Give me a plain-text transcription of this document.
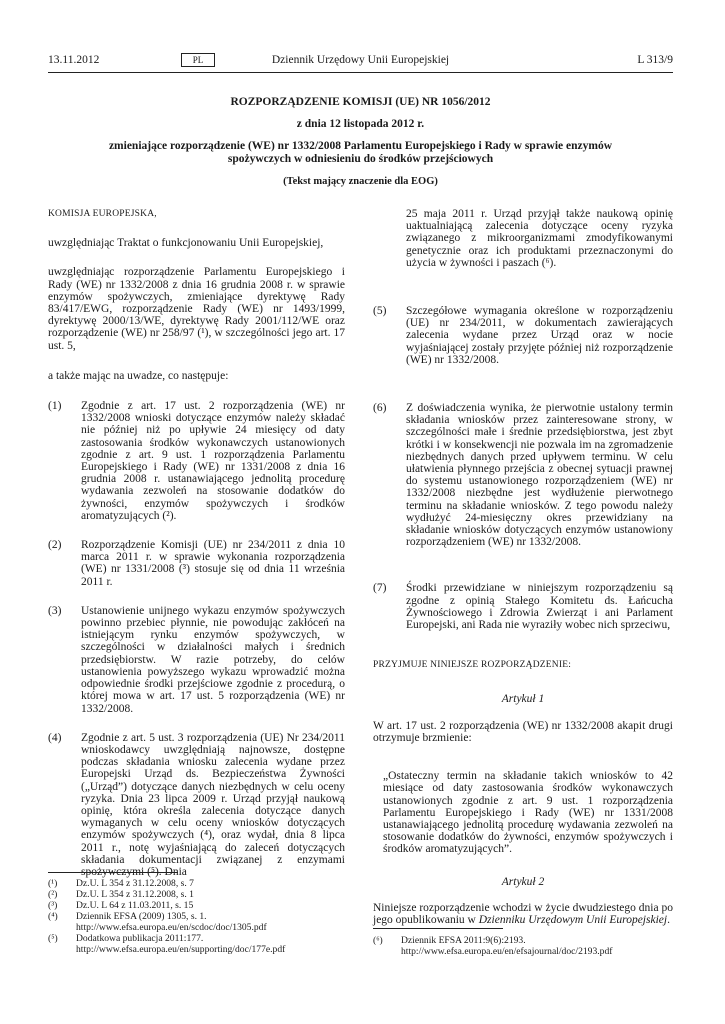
13.11.2012	PL	Dziennik Urzędowy Unii Europejskiej	L 313/9
ROZPORZĄDZENIE KOMISJI (UE) NR 1056/2012
z dnia 12 listopada 2012 r.
zmieniające rozporządzenie (WE) nr 1332/2008 Parlamentu Europejskiego i Rady w sprawie enzymów spożywczych w odniesieniu do środków przejściowych
(Tekst mający znaczenie dla EOG)

KOMISJA EUROPEJSKA,

uwzględniając Traktat o funkcjonowaniu Unii Europejskiej,

uwzględniając rozporządzenie Parlamentu Europejskiego i Rady (WE) nr 1332/2008 z dnia 16 grudnia 2008 r. w sprawie enzymów spożywczych, zmieniające dyrektywę Rady 83/417/EWG, rozporządzenie Rady (WE) nr 1493/1999, dyrektywę 2000/13/WE, dyrektywę Rady 2001/112/WE oraz rozporządzenie (WE) nr 258/97 (¹), w szczególności jego art. 17 ust. 5,

a także mając na uwadze, co następuje:

(1)	Zgodnie z art. 17 ust. 2 rozporządzenia (WE) nr 1332/2008 wnioski dotyczące enzymów należy składać nie później niż po upływie 24 miesięcy od daty zastosowania środków wykonawczych ustanowionych zgodnie z art. 9 ust. 1 rozporządzenia Parlamentu Europejskiego i Rady (WE) nr 1331/2008 z dnia 16 grudnia 2008 r. ustanawiającego jednolitą procedurę wydawania zezwoleń na stosowanie dodatków do żywności, enzymów spożywczych i środków aromatyzujących (²).
(2)	Rozporządzenie Komisji (UE) nr 234/2011 z dnia 10 marca 2011 r. w sprawie wykonania rozporządzenia (WE) nr 1331/2008 (³) stosuje się od dnia 11 września 2011 r.
(3)	Ustanowienie unijnego wykazu enzymów spożywczych powinno przebiec płynnie, nie powodując zakłóceń na istniejącym rynku enzymów spożywczych, w szczególności w działalności małych i średnich przedsiębiorstw. W razie potrzeby, do celów ustanowienia powyższego wykazu wprowadzić można odpowiednie środki przejściowe zgodnie z procedurą, o której mowa w art. 17 ust. 5 rozporządzenia (WE) nr 1332/2008.
(4)	Zgodnie z art. 5 ust. 3 rozporządzenia (UE) Nr 234/2011 wnioskodawcy uwzględniają najnowsze, dostępne podczas składania wniosku zalecenia wydane przez Europejski Urząd ds. Bezpieczeństwa Żywności („Urząd”) dotyczące danych niezbędnych w celu oceny ryzyka. Dnia 23 lipca 2009 r. Urząd przyjął naukową opinię, która określa zalecenia dotyczące danych wymaganych w celu oceny wniosków dotyczących enzymów spożywczych (⁴), oraz wydał, dnia 8 lipca 2011 r., notę wyjaśniającą do zaleceń dotyczących składania dokumentacji związanej z enzymami spożywczymi (⁵). Dnia
(¹)	Dz.U. L 354 z 31.12.2008, s. 7
(²)	Dz.U. L 354 z 31.12.2008, s. 1
(³)	Dz.U. L 64 z 11.03.2011, s. 15
(⁴)	Dziennik EFSA (2009) 1305, s. 1. http://www.efsa.europa.eu/en/scdoc/doc/1305.pdf
(⁵)	Dodatkowa publikacja 2011:177. http://www.efsa.europa.eu/en/supporting/doc/177e.pdf

25 maja 2011 r. Urząd przyjął także naukową opinię uaktualniającą zalecenia dotyczące oceny ryzyka związanego z mikroorganizmami zmodyfikowanymi genetycznie oraz ich produktami przeznaczonymi do użycia w żywności i paszach (⁶).

(5)	Szczegółowe wymagania określone w rozporządzeniu (UE) nr 234/2011, w dokumentach zawierających zalecenia wydane przez Urząd oraz w nocie wyjaśniającej zostały przyjęte później niż rozporządzenie (WE) nr 1332/2008.
(6)	Z doświadczenia wynika, że pierwotnie ustalony termin składania wniosków przez zainteresowane strony, w szczególności małe i średnie przedsiębiorstwa, jest zbyt krótki i w konsekwencji nie pozwala im na zgromadzenie niezbędnych danych przed upływem terminu. W celu ułatwienia płynnego przejścia z obecnej sytuacji prawnej do systemu ustanowionego rozporządzeniem (WE) nr 1332/2008 niezbędne jest wydłużenie pierwotnego terminu na składanie wniosków. Z tego powodu należy wydłużyć 24-miesięczny okres przewidziany na składanie wniosków dotyczących enzymów ustanowiony rozporządzeniem (WE) nr 1332/2008.
(7)	Środki przewidziane w niniejszym rozporządzeniu są zgodne z opinią Stałego Komitetu ds. Łańcucha Żywnościowego i Zdrowia Zwierząt i ani Parlament Europejski, ani Rada nie wyraziły wobec nich sprzeciwu,

PRZYJMUJE NINIEJSZE ROZPORZĄDZENIE:

Artykuł 1

W art. 17 ust. 2 rozporządzenia (WE) nr 1332/2008 akapit drugi otrzymuje brzmienie:

„Ostateczny termin na składanie takich wniosków to 42 miesiące od daty zastosowania środków wykonawczych ustanowionych zgodnie z art. 9 ust. 1 rozporządzenia Parlamentu Europejskiego i Rady (WE) nr 1331/2008 ustanawiającego jednolitą procedurę wydawania zezwoleń na stosowanie dodatków do żywności, enzymów spożywczych i środków aromatyzujących”.

Artykuł 2

Niniejsze rozporządzenie wchodzi w życie dwudziestego dnia po jego opublikowaniu w Dzienniku Urzędowym Unii Europejskiej.

(⁶)	Dziennik EFSA 2011:9(6):2193. http://www.efsa.europa.eu/en/efsajournal/doc/2193.pdf
